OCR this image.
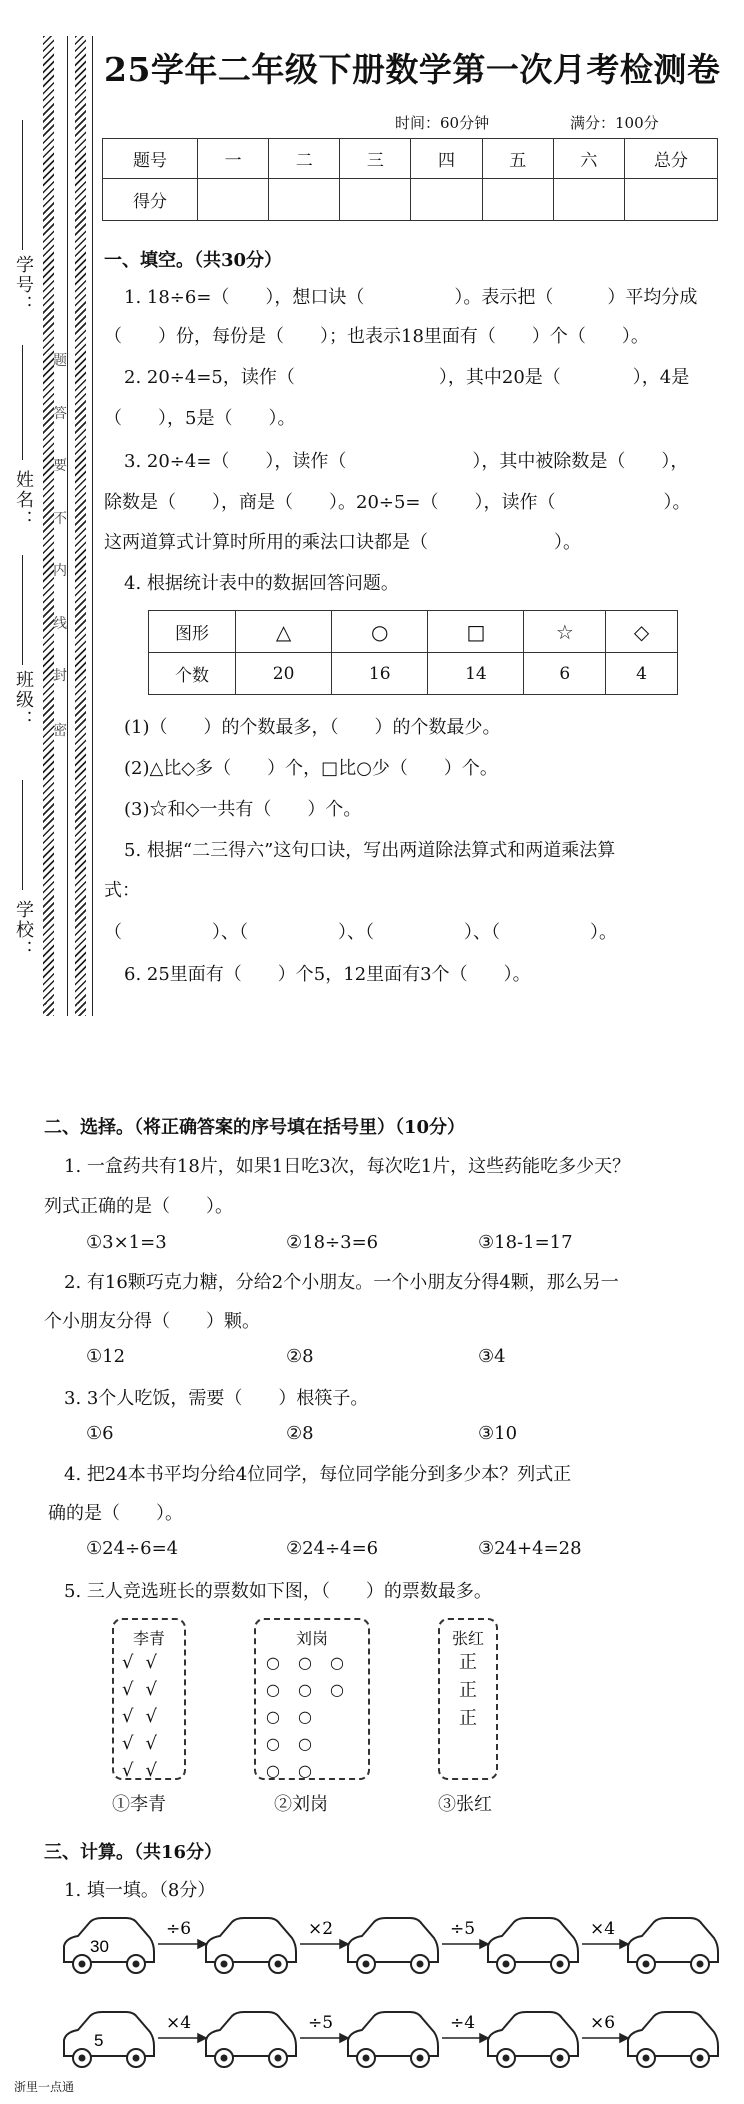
学校：
班级：
姓名：
学号：
密
封
线
内
不
要
答
题
25学年二年级下册数学第一次月考检测卷
时间：60分钟	满分：100分
题号	一	二	三	四	五	六	总分
得分							
一、填空。（共30分）
1. 18÷6=（　　），想口诀（　　　　　）。表示把（　　　）平均分成
（　　）份，每份是（　　）；也表示18里面有（　　）个（　　）。
2. 20÷4=5，读作（　　　　　　　　），其中20是（　　　　），4是
（　　），5是（　　）。
3. 20÷4=（　　），读作（　　　　　　　），其中被除数是（　　），
除数是（　　），商是（　　）。20÷5=（　　），读作（　　　　　　）。
这两道算式计算时所用的乘法口诀都是（　　　　　　　）。
4. 根据统计表中的数据回答问题。
图形	△	○	□	☆	◇
个数	20	16	14	6	4
(1)（　　）的个数最多，（　　）的个数最少。
(2)△比◇多（　　）个，□比○少（　　）个。
(3)☆和◇一共有（　　）个。
5. 根据“二三得六”这句口诀，写出两道除法算式和两道乘法算
式：
（　　　　　）、（　　　　　）、（　　　　　）、（　　　　　）。
6. 25里面有（　　）个5，12里面有3个（　　）。
二、选择。（将正确答案的序号填在括号里）（10分）
1. 一盒药共有18片，如果1日吃3次，每次吃1片，这些药能吃多少天？
列式正确的是（　　）。
①3×1=3	②18÷3=6	③18-1=17
2. 有16颗巧克力糖，分给2个小朋友。一个小朋友分得4颗，那么另一
个小朋友分得（　　）颗。
①12	②8	③4
3. 3个人吃饭，需要（　　）根筷子。
①6	②8	③10
4. 把24本书平均分给4位同学，每位同学能分到多少本？列式正
确的是（　　）。
①24÷6=4	②24÷4=6	③24+4=28
5. 三人竞选班长的票数如下图，（　　）的票数最多。
李青
√√
√√
√√
√√
√√
刘岗
○○○
○○○
○○
○○
○○
张红
正
正
正
①李青	②刘岗	③张红
三、计算。（共16分）
1. 填一填。（8分）
30
÷6	×2	÷5	×4
5
×4	÷5	÷4	×6
浙里一点通
